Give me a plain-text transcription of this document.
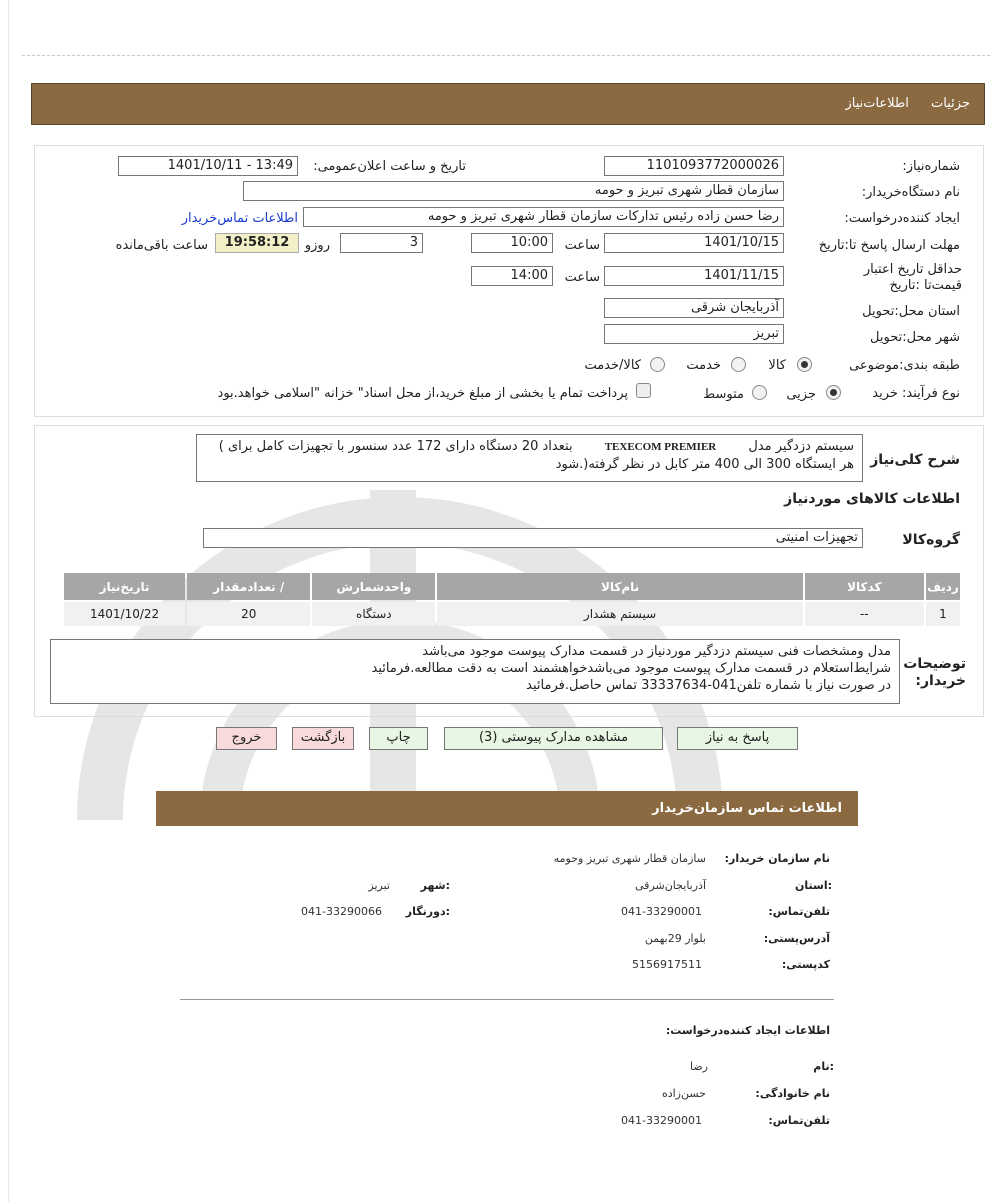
جزئیات اطلاعات‌نیاز
شماره‌نیاز:
1101093772000026
تاریخ و ساعت اعلان‌عمومی:
1401/10/11 - 13:49
نام دستگاه‌خریدار:
سازمان قطار شهری تبریز و حومه
ایجاد کننده‌درخواست:
رضا حسن زاده رئیس تدارکات سازمان قطار شهری تبریز و حومه
اطلاعات تماس‌خریدار
مهلت ارسال پاسخ تا:تاریخ
1401/10/15
ساعت
10:00
3
روزو
19:58:12
ساعت باقی‌مانده
حداقل تاریخ اعتبار قیمت‌تا :تاریخ
1401/11/15
ساعت
14:00
استان محل:تحویل
آذربایجان شرقی
شهر محل:تحویل
تبریز
طبقه بندی:موضوعی
کالا
خدمت
کالا/خدمت
نوع فرآیند: خرید
جزیی
متوسط
پرداخت تمام یا بخشی از مبلغ خرید،از محل اسناد" خزانه "اسلامی خواهد.بود
شرح کلی‌نیاز
سیستم دزدگیر مدل TEXECOM PREMIER بتعداد 20 دستگاه دارای 172 عدد سنسور با تجهیزات کامل برای )
هر ایستگاه 300 الی 400 متر کابل در نظر گرفته(.شود
اطلاعات کالاهای موردنیاز
گروه‌کالا
تجهیزات امنیتی
ردیف	کدکالا	نام‌کالا	واحدشمارش	/ تعدادمقدار	تاریخ‌نیاز
1	--	سیستم هشدار	دستگاه	20	1401/10/22
توضیحات خریدار:
مدل ومشخصات فنی سیستم دزدگیر موردنیاز در قسمت مدارک پیوست موجود می‌باشد
شرایط‌استعلام در قسمت مدارک پیوست موجود می‌باشدخواهشمند است به دقت مطالعه.فرمائید
در صورت نیاز با شماره تلفن041-33337634 تماس حاصل.فرمائید
پاسخ به نیاز
مشاهده مدارک پیوستی (3)
چاپ
بازگشت
خروج
اطلاعات تماس سازمان‌خریدار
نام سازمان‌ خریدار:
سازمان قطار شهری تبریز وحومه
:استان
آذربایجان‌شرقی
:شهر
تبریز
تلفن‌تماس:
041-33290001
:دورنگار
041-33290066
آدرس‌پستی:
بلوار 29بهمن
کد‌پستی:
5156917511
اطلاعات ایجاد کننده‌درخواست:
:نام
رضا
نام خانوادگی:
حسن‌زاده
تلفن‌تماس:
041-33290001
